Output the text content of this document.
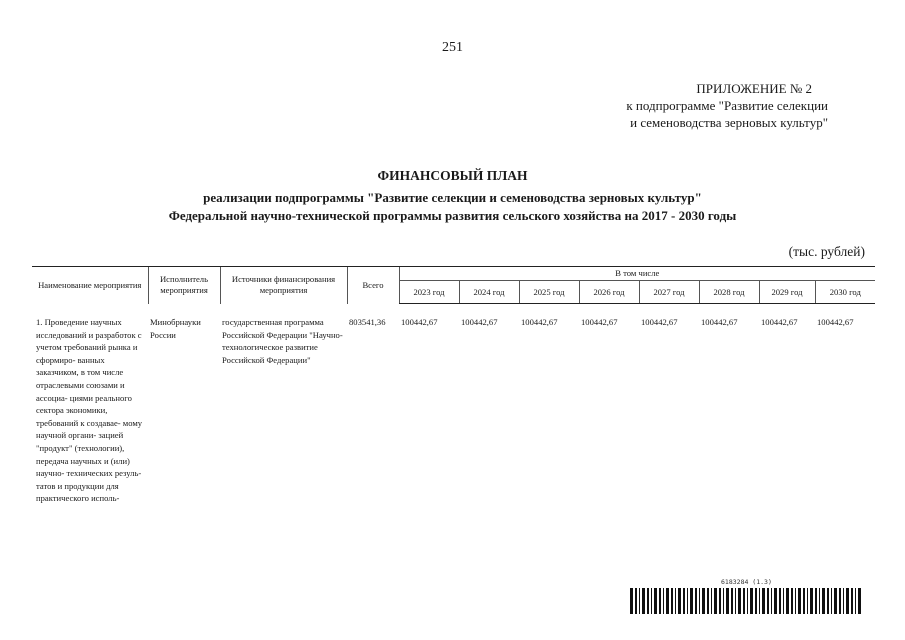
251
ПРИЛОЖЕНИЕ № 2
к подпрограмме "Развитие селекции
и семеноводства зерновых культур"
ФИНАНСОВЫЙ ПЛАН
реализации подпрограммы "Развитие селекции и семеноводства зерновых культур"
Федеральной научно-технической программы развития сельского хозяйства на 2017 - 2030 годы
(тыс. рублей)
Наименование мероприятия	Исполнитель мероприятия	Источники финансирования мероприятия	Всего	В том числе							
				2023 год	2024 год	2025 год	2026 год	2027 год	2028 год	2029 год	2030 год

1. Проведение научных исследований и разработок с учетом требований рынка и сформиро- ванных заказчиком, в том числе отраслевыми союзами и ассоциа- циями реального сектора экономики, требований к создавае- мому научной органи- зацией "продукт" (технологии), передача научных и (или) научно- технических резуль- татов и продукции для практического исполь-	Минобрнауки России	государственная программа Российской Федерации "Научно-технологическое развитие Российской Федерации"	803541,36	100442,67	100442,67	100442,67	100442,67	100442,67	100442,67	100442,67	100442,67
6183284 (1.3)
